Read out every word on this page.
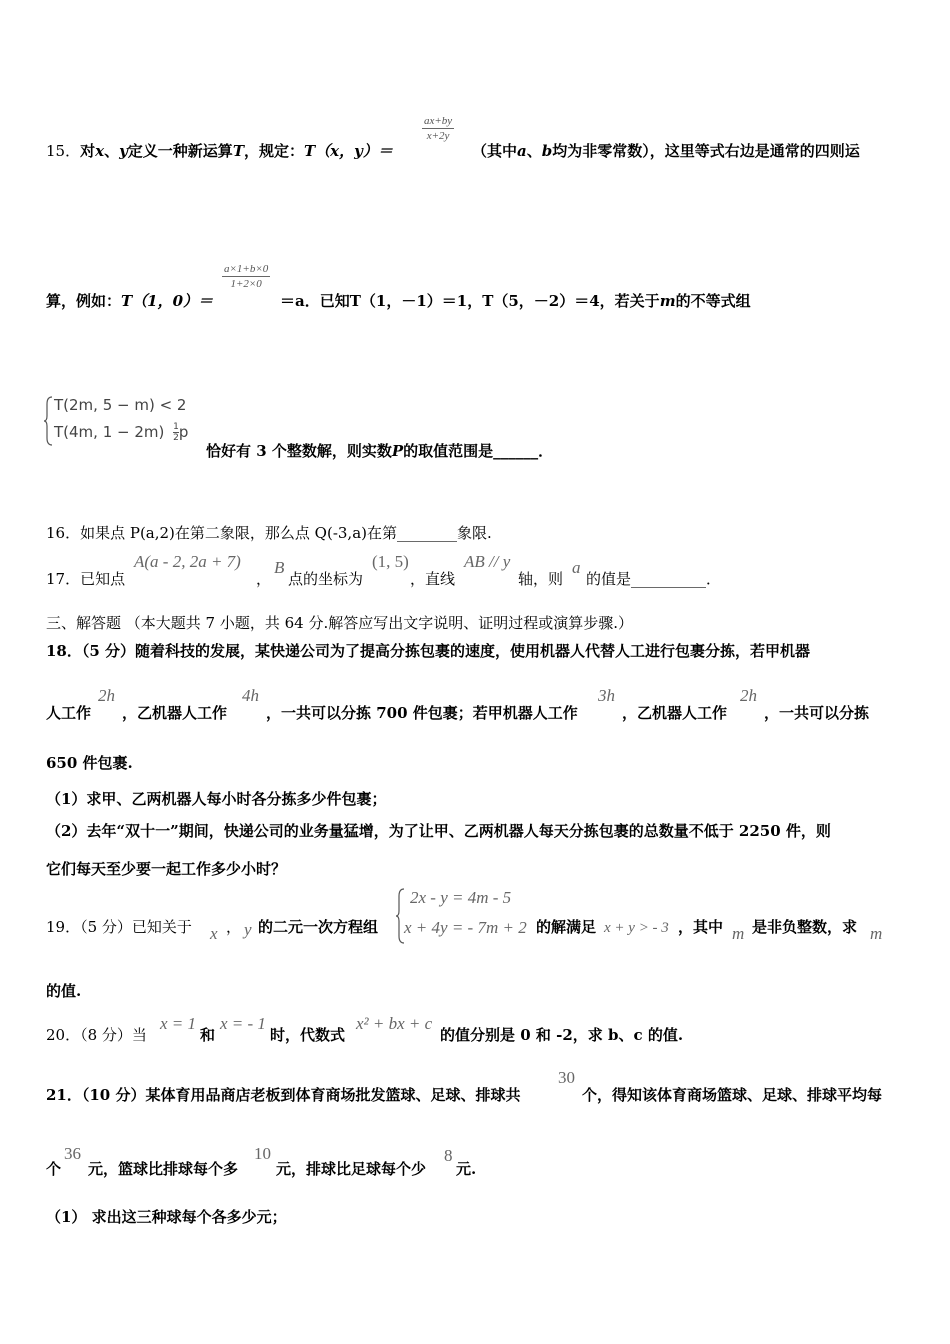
15．对x、y定义一种新运算T，规定：T（x，y）＝
$\frac{ax+by}{x+2y}$
（其中a、b均为非零常数），这里等式右边是通常的四则运
算，例如：T（1，0）＝
$\frac{a\times 1+b\times 0}{1+2\times 0}$
＝a．已知T（1，－1）＝1，T（5，－2）＝4，若关于m的不等式组
T(2m, 5 − m) < 2
T(4m, $1 - 2m) \frac{1}{2}$ p
恰好有 3 个整数解，则实数P的取值范围是______．
16．如果点 P(a,2)在第二象限，那么点 Q(-3,a)在第________象限.
17．已知点
A(a - 2, 2a + 7)
，
B
点的坐标为
(1, 5)
，直线
AB // y
轴，则
a
的值是__________．
三、解答题 （本大题共 7 小题，共 64 分.解答应写出文字说明、证明过程或演算步骤.）
18．（5 分）随着科技的发展，某快递公司为了提高分拣包裹的速度，使用机器人代替人工进行包裹分拣，若甲机器
人工作
2h
，乙机器人工作
4h
，一共可以分拣 700 件包裹；若甲机器人工作
3h
，乙机器人工作
2h
，一共可以分拣
650 件包裹.
（1）求甲、乙两机器人每小时各分拣多少件包裹；
（2）去年“双十一”期间，快递公司的业务量猛增，为了让甲、乙两机器人每天分拣包裹的总数量不低于 2250 件，则
它们每天至少要一起工作多少小时？
19．（5 分）已知关于 x ， y 的二元一次方程组
2x - y = 4m - 5
x + 4y = - 7m + 2 的解满足 x + y > - 3 ，其中 m 是非负整数，求 m
的值.
20．（8 分）当
x = 1
和
x = - 1
时，代数式
x² + bx + c
的值分别是 0 和 -2，求 b、c 的值.
21．（10 分）某体育用品商店老板到体育商场批发篮球、足球、排球共
30
个，得知该体育商场篮球、足球、排球平均每
个
36
元，篮球比排球每个多
10
元，排球比足球每个少
8
元.
（1） 求出这三种球每个各多少元；
